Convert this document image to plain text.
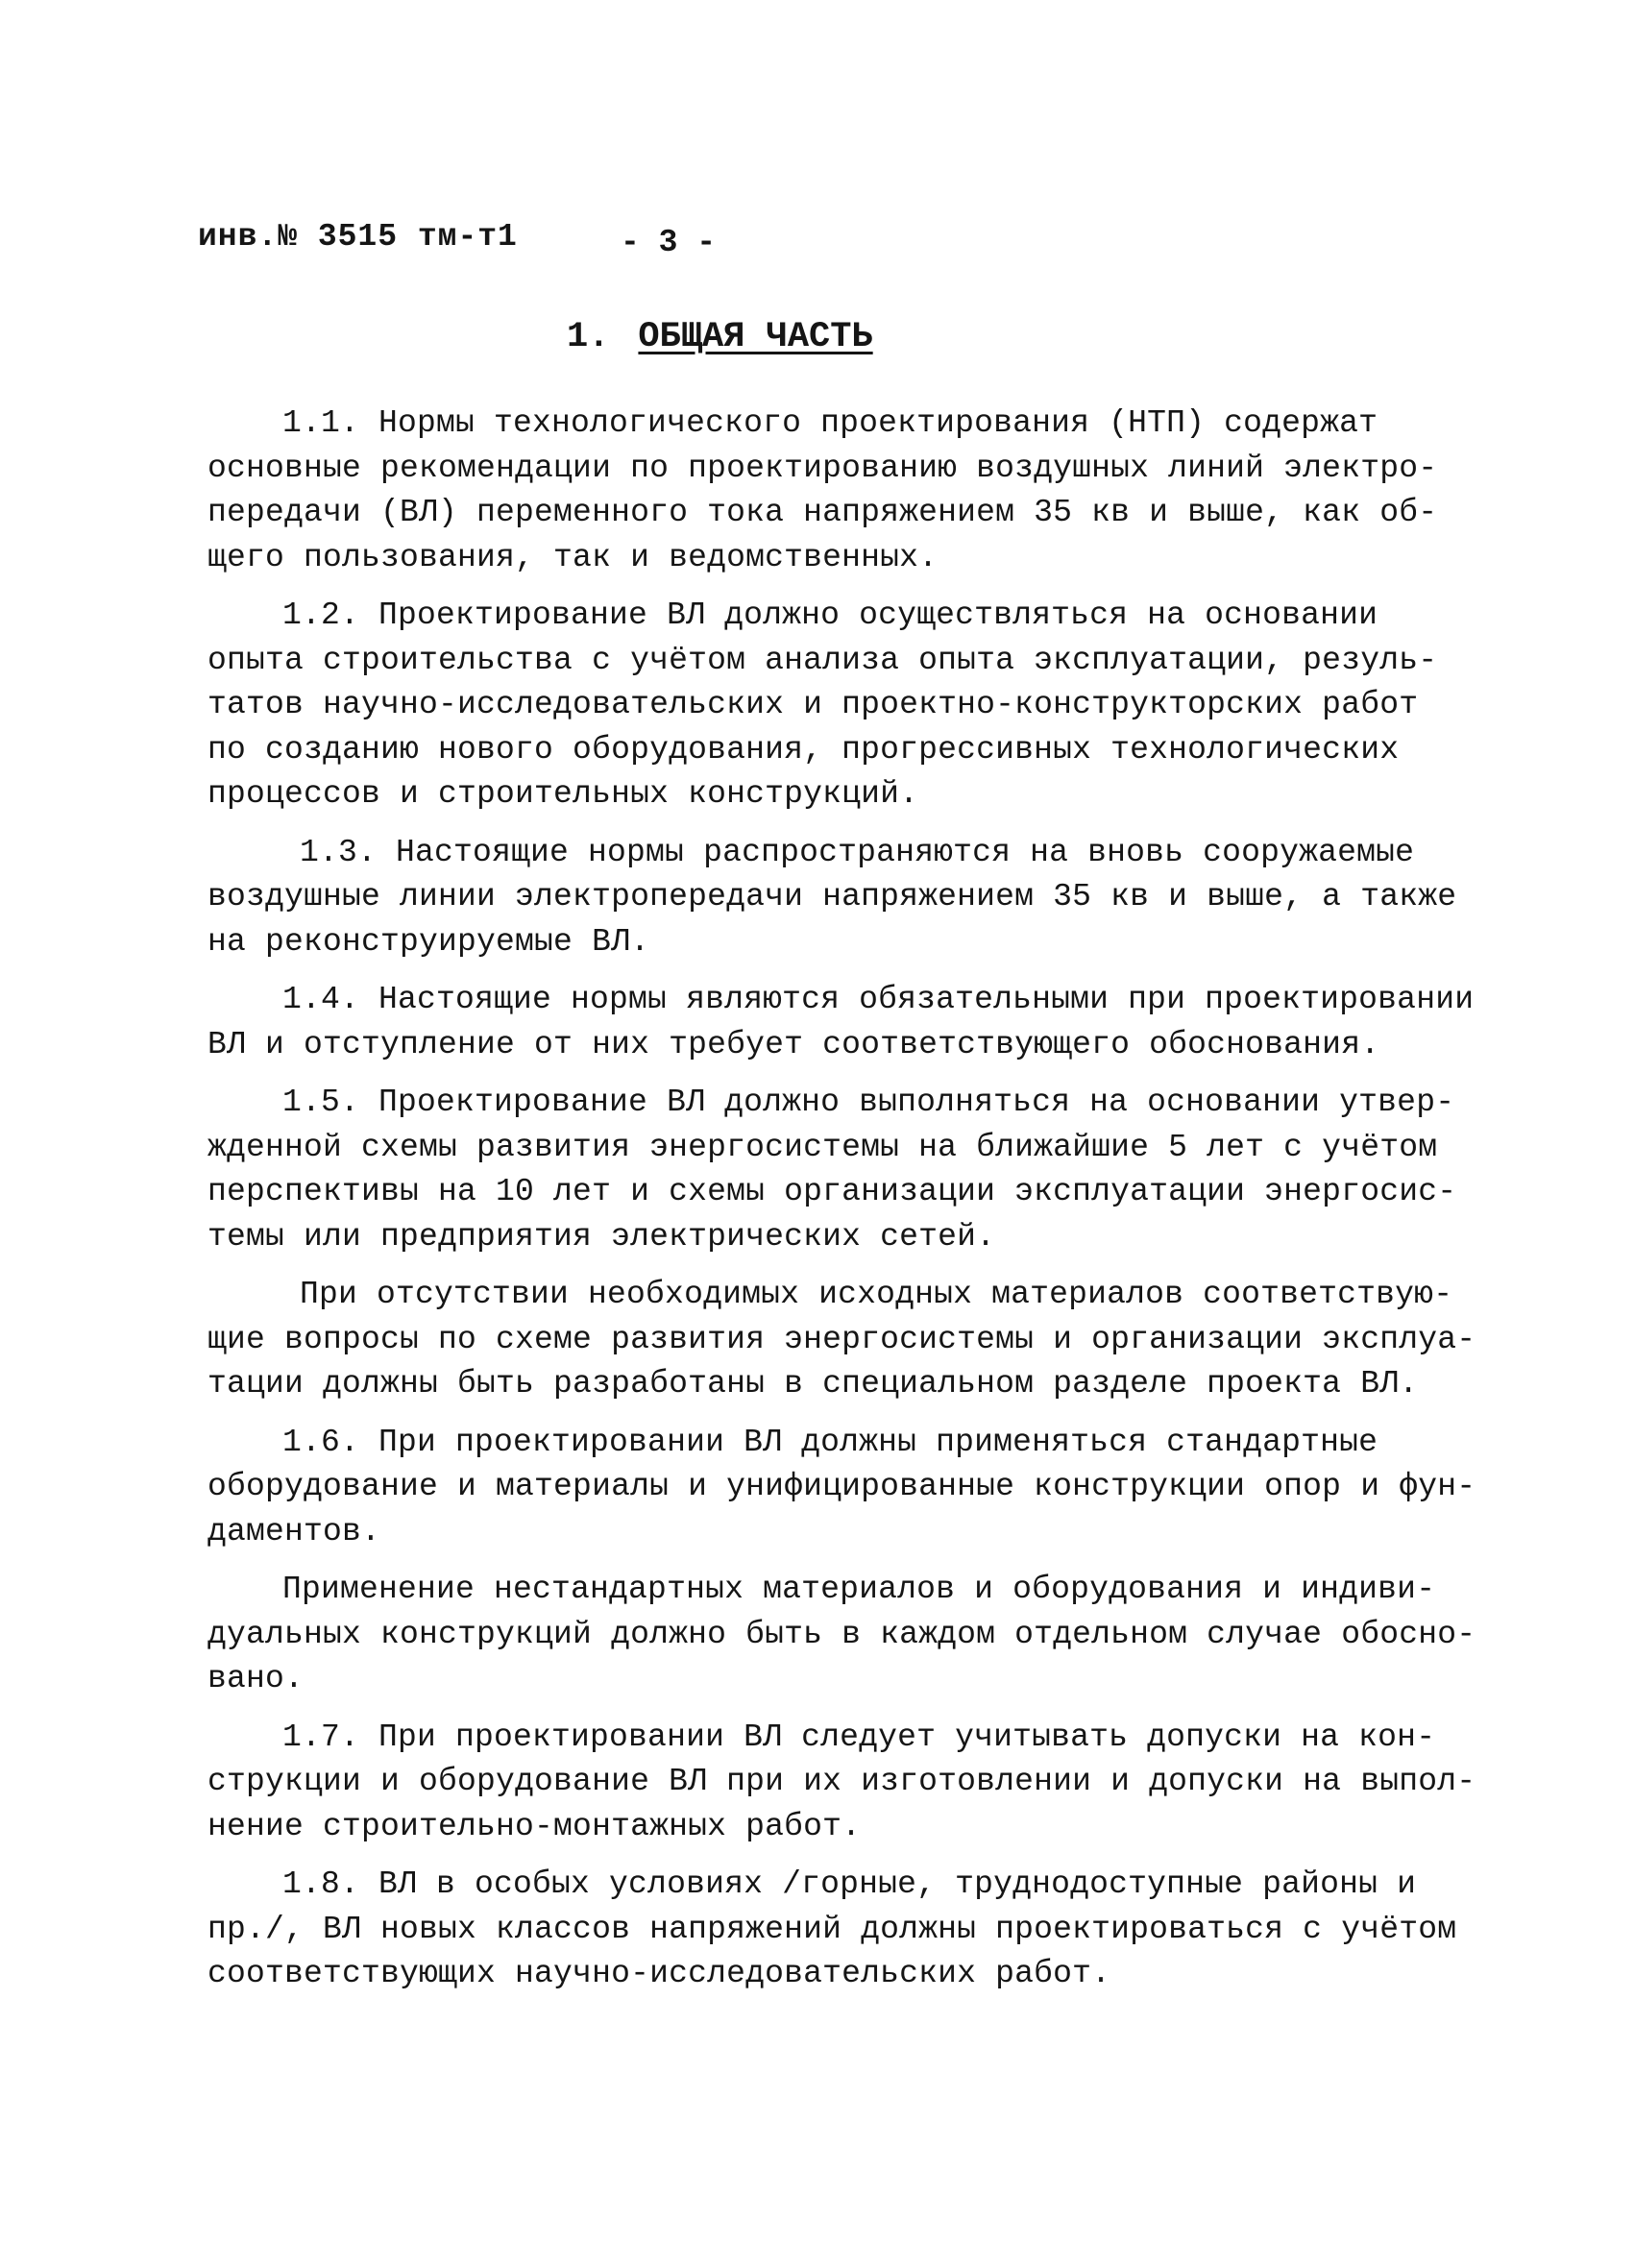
инв.№ 3515 тм-т1	- 3 -
1. ОБЩАЯ ЧАСТЬ

1.1. Нормы технологического проектирования (НТП) содержат
основные рекомендации по проектированию воздушных линий электро-
передачи (ВЛ) переменного тока напряжением 35 кв и выше, как об-
щего пользования, так и ведомственных.

1.2. Проектирование ВЛ должно осуществляться на основании
опыта строительства с учётом анализа опыта эксплуатации, резуль-
татов научно-исследовательских и проектно-конструкторских работ
по созданию нового оборудования, прогрессивных технологических
процессов и строительных конструкций.

1.3. Настоящие нормы распространяются на вновь сооружаемые
воздушные линии электропередачи напряжением 35 кв и выше, а также
на реконструируемые ВЛ.

1.4. Настоящие нормы являются обязательными при проектировании
ВЛ и отступление от них требует соответствующего обоснования.

1.5. Проектирование ВЛ должно выполняться на основании утвер-
жденной схемы развития энергосистемы на ближайшие 5 лет с учётом
перспективы на 10 лет и схемы организации эксплуатации энергосис-
темы или предприятия электрических сетей.

При отсутствии необходимых исходных материалов соответствую-
щие вопросы по схеме развития энергосистемы и организации эксплуа-
тации должны быть разработаны в специальном разделе проекта ВЛ.

1.6. При проектировании ВЛ должны применяться стандартные
оборудование и материалы и унифицированные конструкции опор и фун-
даментов.

Применение нестандартных материалов и оборудования и индиви-
дуальных конструкций должно быть в каждом отдельном случае обосно-
вано.

1.7. При проектировании ВЛ следует учитывать допуски на кон-
струкции и оборудование ВЛ при их изготовлении и допуски на выпол-
нение строительно-монтажных работ.

1.8. ВЛ в особых условиях /горные, труднодоступные районы и
пр./, ВЛ новых классов напряжений должны проектироваться с учётом
соответствующих научно-исследовательских работ.
